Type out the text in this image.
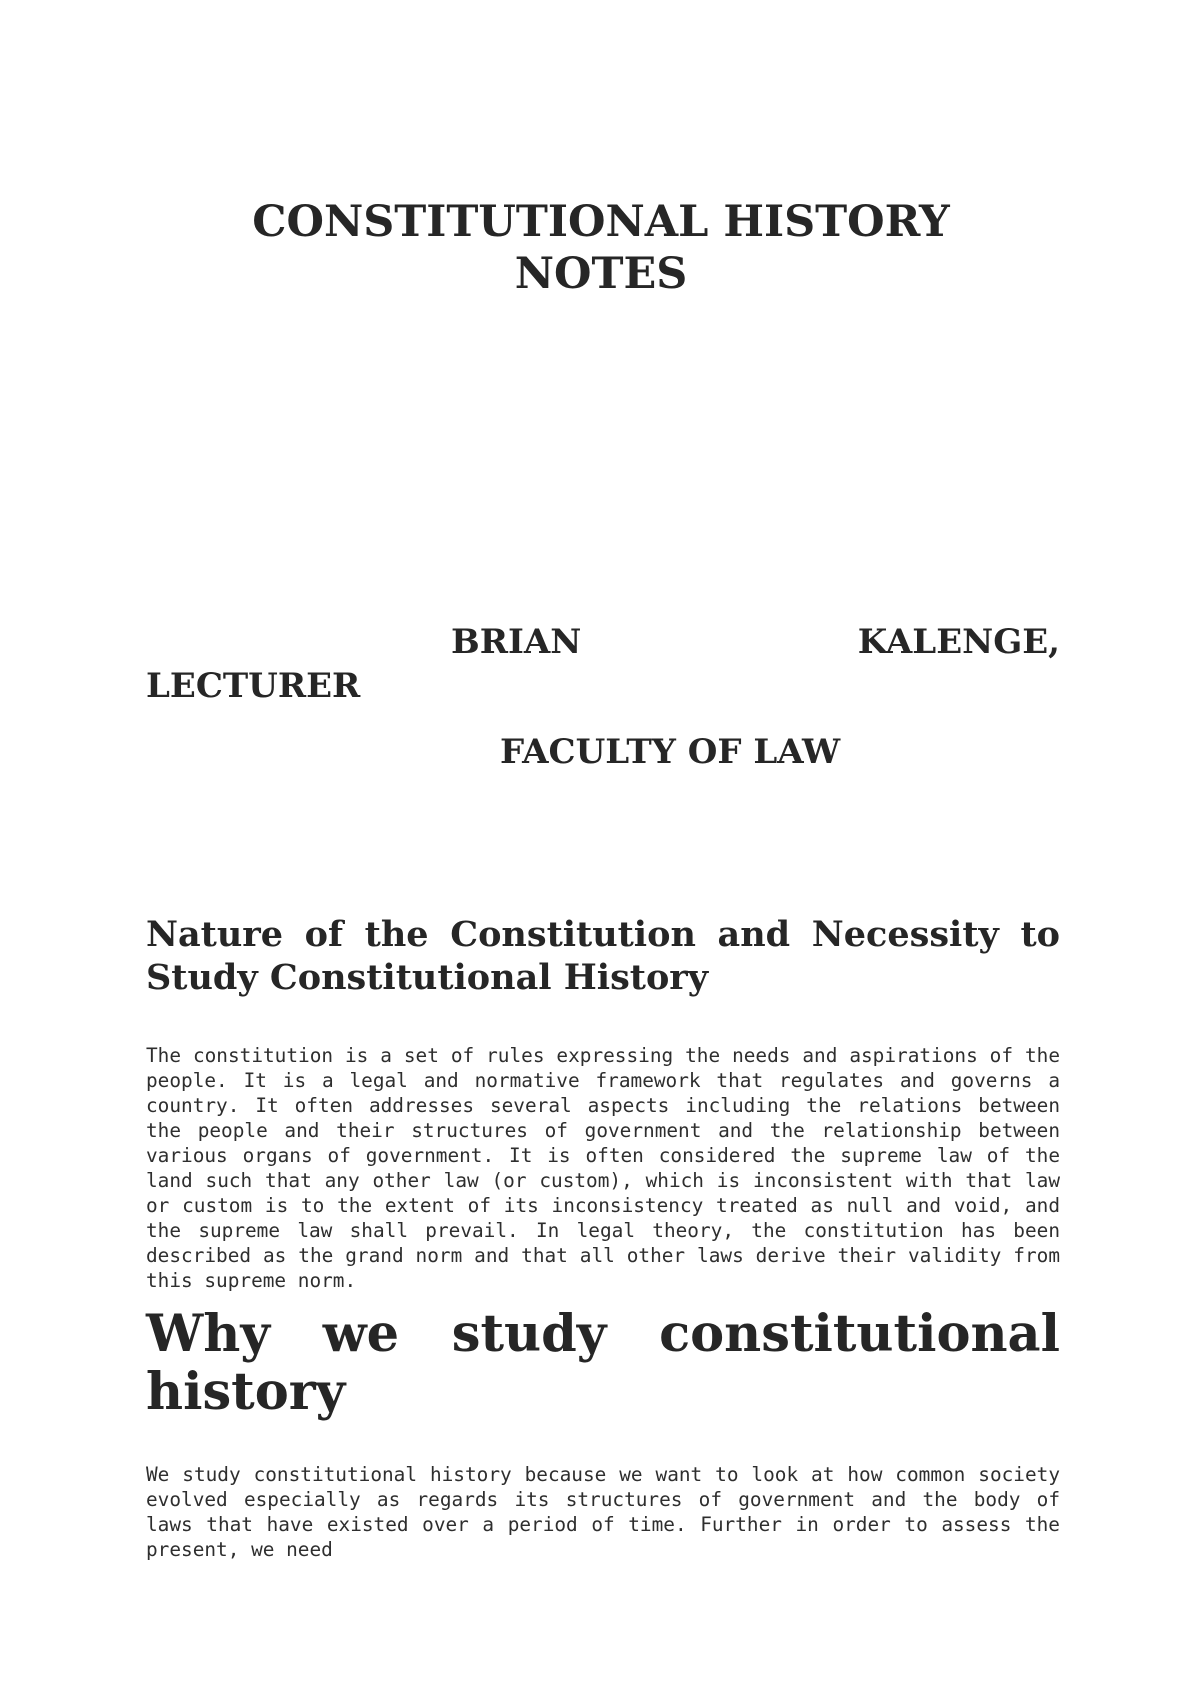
CONSTITUTIONAL HISTORY
NOTES
BRIAN	KALENGE,
LECTURER
FACULTY OF LAW
Nature of the Constitution and Necessity to Study Constitutional History

The constitution is a set of rules expressing the needs and aspirations of the people. It is a legal and normative framework that regulates and governs a country. It often addresses several aspects including the relations between the people and their structures of government and the relationship between various organs of government. It is often considered the supreme law of the land such that any other law (or custom), which is inconsistent with that law or custom is to the extent of its inconsistency treated as null and void, and the supreme law shall prevail. In legal theory, the constitution has been described as the grand norm and that all other laws derive their validity from this supreme norm.

Why we study constitutional
history

We study constitutional history because we want to look at how common society evolved especially as regards its structures of government and the body of laws that have existed over a period of time. Further in order to assess the present, we need
